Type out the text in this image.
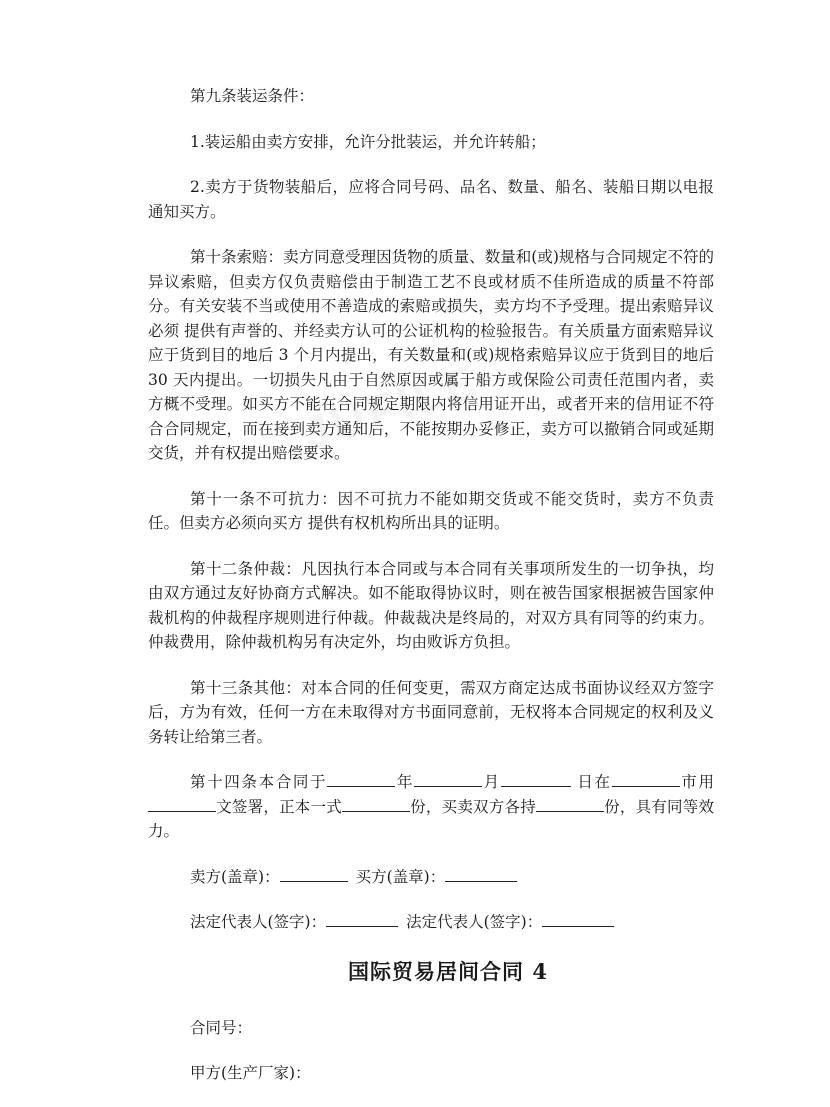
第九条装运条件：

1.装运船由卖方安排，允许分批装运，并允许转船；

2.卖方于货物装船后，应将合同号码、品名、数量、船名、装船日期以电报通知买方。

第十条索赔：卖方同意受理因货物的质量、数量和(或)规格与合同规定不符的异议索赔，但卖方仅负责赔偿由于制造工艺不良或材质不佳所造成的质量不符部分。有关安装不当或使用不善造成的索赔或损失，卖方均不予受理。提出索赔异议必须 提供有声誉的、并经卖方认可的公证机构的检验报告。有关质量方面索赔异议应于货到目的地后 3 个月内提出，有关数量和(或)规格索赔异议应于货到目的地后 30 天内提出。一切损失凡由于自然原因或属于船方或保险公司责任范围内者，卖方概不受理。如买方不能在合同规定期限内将信用证开出，或者开来的信用证不符合合同规定，而在接到卖方通知后，不能按期办妥修正，卖方可以撤销合同或延期交货，并有权提出赔偿要求。

第十一条不可抗力：因不可抗力不能如期交货或不能交货时，卖方不负责任。但卖方必须向买方 提供有权机构所出具的证明。

第十二条仲裁：凡因执行本合同或与本合同有关事项所发生的一切争执，均由双方通过友好协商方式解决。如不能取得协议时，则在被告国家根据被告国家仲裁机构的仲裁程序规则进行仲裁。仲裁裁决是终局的，对双方具有同等的约束力。仲裁费用，除仲裁机构另有决定外，均由败诉方负担。

第十三条其他：对本合同的任何变更，需双方商定达成书面协议经双方签字后，方为有效，任何一方在未取得对方书面同意前，无权将本合同规定的权利及义务转让给第三者。

第十四条本合同于	年	月	日在	市用文签署，正本一式	份，买卖双方各持	份，具有同等效力。

卖方(盖章)：	买方(盖章)：
法定代表人(签字)：	法定代表人(签字)：
国际贸易居间合同 4
合同号：
甲方(生产厂家)：
